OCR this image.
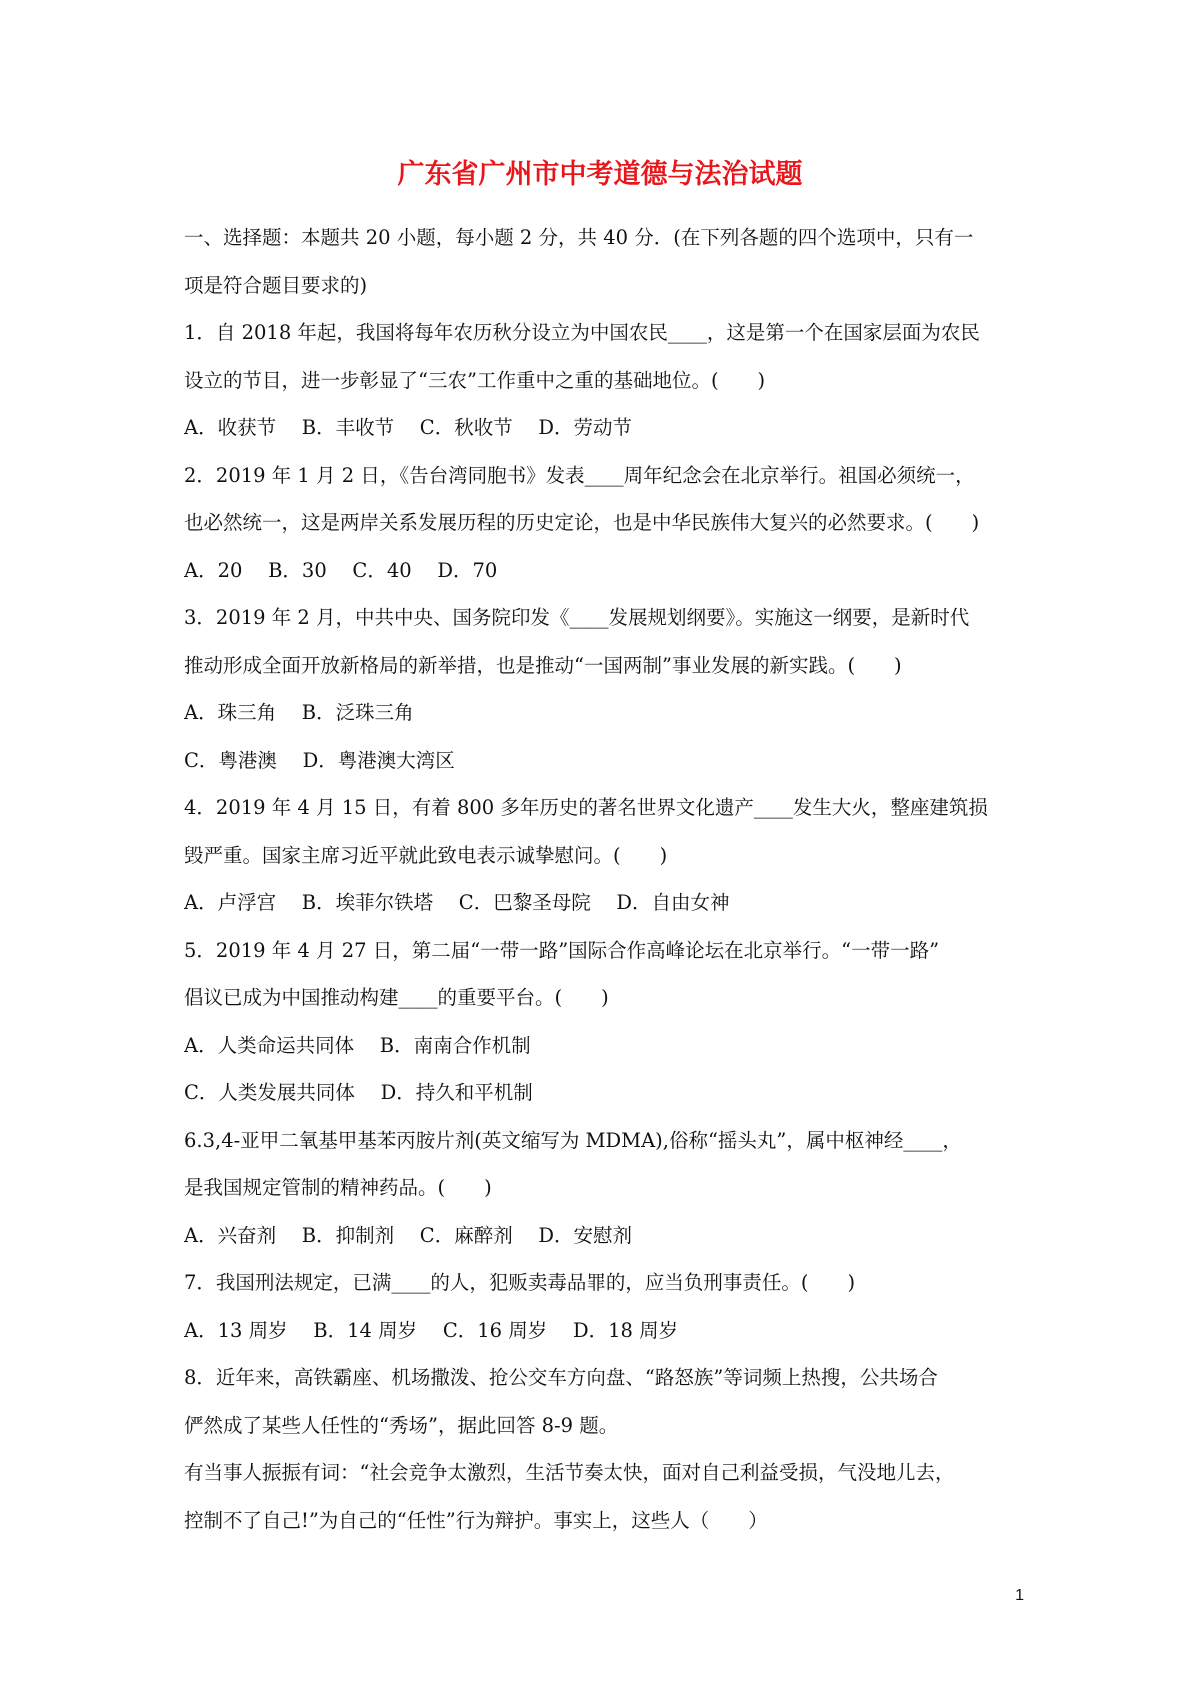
广东省广州市中考道德与法治试题
一、选择题：本题共 20 小题，每小题 2 分，共 40 分．(在下列各题的四个选项中，只有一
项是符合题目要求的)
1．自 2018 年起，我国将每年农历秋分设立为中国农民____，这是第一个在国家层面为农民
设立的节目，进一步彰显了“三农”工作重中之重的基础地位。(　　)
A．收获节　 B．丰收节　 C．秋收节　 D．劳动节
2．2019 年 1 月 2 日，《告台湾同胞书》发表____周年纪念会在北京举行。祖国必须统一，
也必然统一，这是两岸关系发展历程的历史定论，也是中华民族伟大复兴的必然要求。(　　)
A．20　 B．30　 C．40　 D．70
3．2019 年 2 月，中共中央、国务院印发《____发展规划纲要》。实施这一纲要，是新时代
推动形成全面开放新格局的新举措，也是推动“一国两制”事业发展的新实践。(　　)
A．珠三角　 B．泛珠三角
C．粤港澳　 D．粤港澳大湾区
4．2019 年 4 月 15 日，有着 800 多年历史的著名世界文化遗产____发生大火，整座建筑损
毁严重。国家主席习近平就此致电表示诚挚慰问。(　　)
A．卢浮宫　 B．埃菲尔铁塔　 C．巴黎圣母院　 D．自由女神
5．2019 年 4 月 27 日，第二届“一带一路”国际合作高峰论坛在北京举行。“一带一路”
倡议已成为中国推动构建____的重要平台。(　　)
A．人类命运共同体　 B．南南合作机制
C．人类发展共同体　 D．持久和平机制
6.3,4-亚甲二氧基甲基苯丙胺片剂(英文缩写为 MDMA),俗称“摇头丸”，属中枢神经____，
是我国规定管制的精神药品。(　　)
A．兴奋剂　 B．抑制剂　 C．麻醉剂　 D．安慰剂
7．我国刑法规定，已满____的人，犯贩卖毒品罪的，应当负刑事责任。(　　)
A．13 周岁　 B．14 周岁　 C．16 周岁　 D．18 周岁
8．近年来，高铁霸座、机场撒泼、抢公交车方向盘、“路怒族”等词频上热搜，公共场合
俨然成了某些人任性的“秀场”，据此回答 8-9 题。
有当事人振振有词：“社会竞争太激烈，生活节奏太快，面对自己利益受损，气没地儿去，
控制不了自己!”为自己的“任性”行为辩护。事实上，这些人（　　）
1
